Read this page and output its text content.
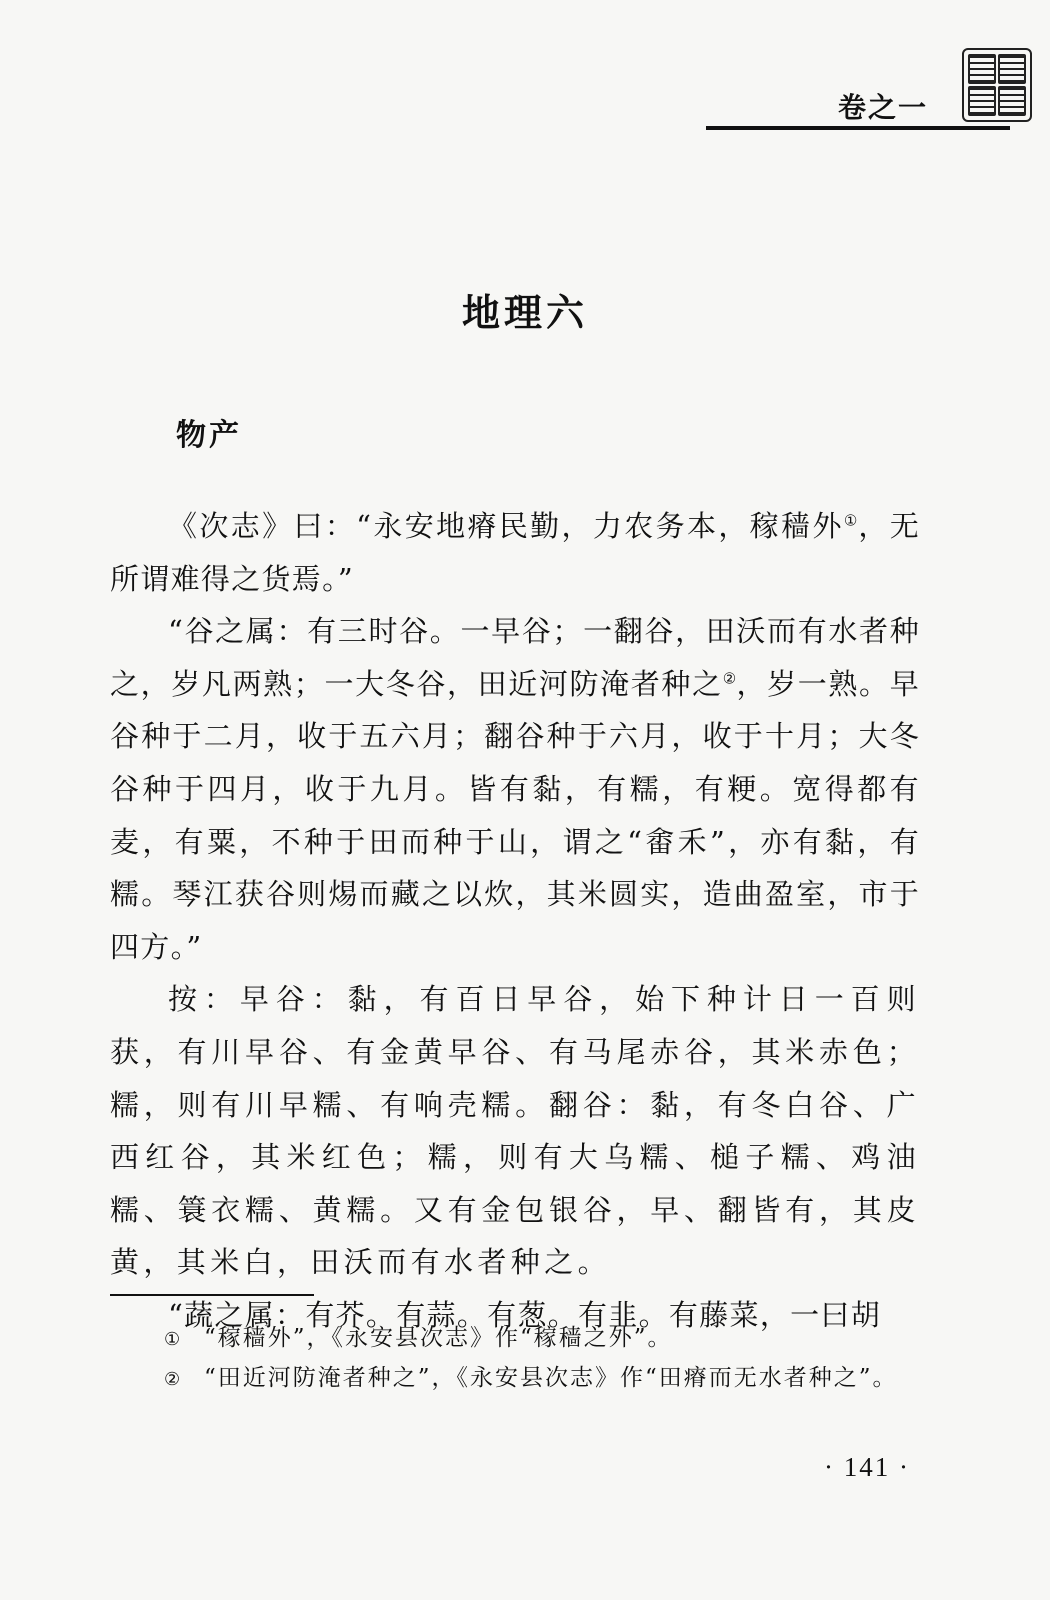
卷之一
地理六
物产

《次志》曰：“永安地瘠民勤，力农务本，稼穑外①，无所谓难得之货焉。”

“谷之属：有三时谷。一早谷；一翻谷，田沃而有水者种之，岁凡两熟；一大冬谷，田近河防淹者种之②，岁一熟。早谷种于二月，收于五六月；翻谷种于六月，收于十月；大冬谷种于四月，收于九月。皆有黏，有糯，有粳。宽得都有麦，有粟，不种于田而种于山，谓之“畬禾”，亦有黏，有糯。琴江获谷则焬而藏之以炊，其米圆实，造曲盈室，市于四方。”

按：早谷：黏，有百日早谷，始下种计日一百则获，有川早谷、有金黄早谷、有马尾赤谷，其米赤色；糯，则有川早糯、有响壳糯。翻谷：黏，有冬白谷、广西红谷，其米红色；糯，则有大乌糯、槌子糯、鸡油糯、簑衣糯、黄糯。又有金包银谷，早、翻皆有，其皮黄，其米白，田沃而有水者种之。

“蔬之属：有芥。有蒜。有葱。有韭。有藤菜，一曰胡

① “稼穑外”，《永安县次志》作“稼穑之外”。

② “田近河防淹者种之”，《永安县次志》作“田瘠而无水者种之”。

· 141 ·
